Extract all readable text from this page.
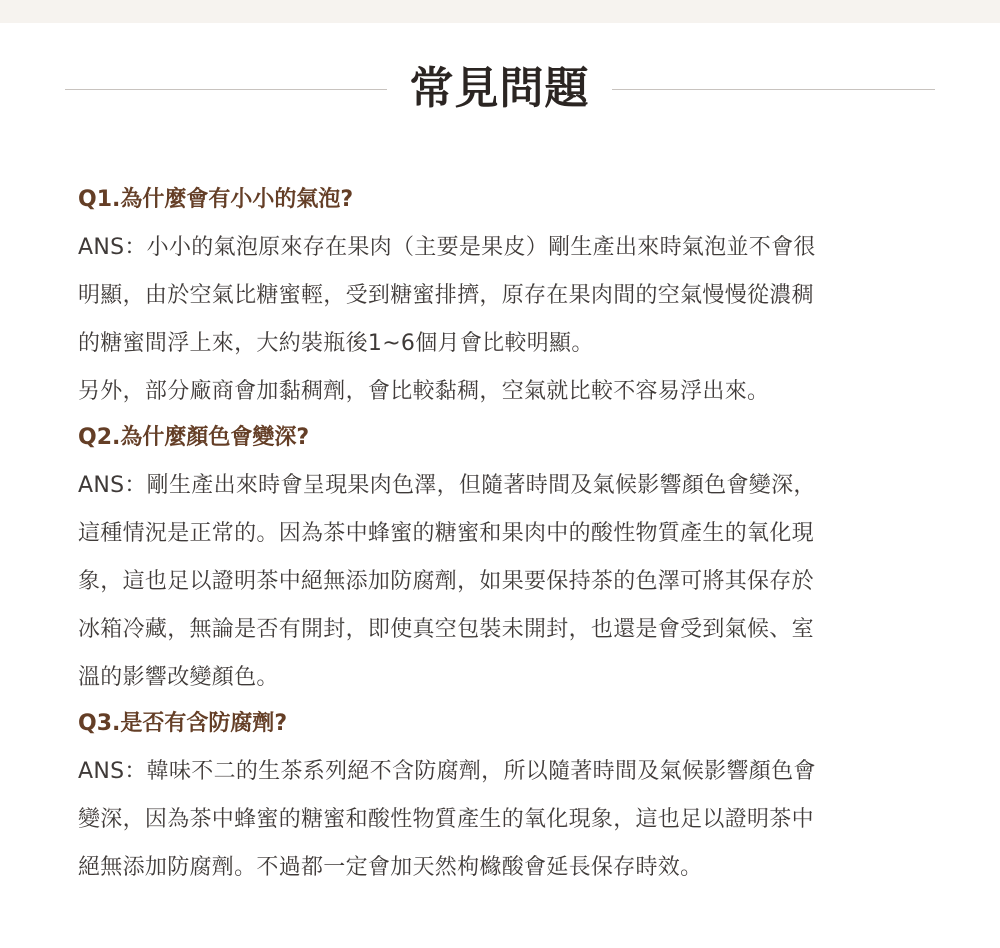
常見問題
Q1.為什麼會有小小的氣泡?
ANS：小小的氣泡原來存在果肉（主要是果皮）剛生產出來時氣泡並不會很
明顯，由於空氣比糖蜜輕，受到糖蜜排擠，原存在果肉間的空氣慢慢從濃稠
的糖蜜間浮上來，大約裝瓶後1~6個月會比較明顯。
另外，部分廠商會加黏稠劑，會比較黏稠，空氣就比較不容易浮出來。
Q2.為什麼顏色會變深?
ANS：剛生產出來時會呈現果肉色澤，但隨著時間及氣候影響顏色會變深，
這種情況是正常的。因為茶中蜂蜜的糖蜜和果肉中的酸性物質產生的氧化現
象，這也足以證明茶中絕無添加防腐劑，如果要保持茶的色澤可將其保存於
冰箱冷藏，無論是否有開封，即使真空包裝未開封，也還是會受到氣候、室
溫的影響改變顏色。
Q3.是否有含防腐劑?
ANS：韓味不二的生茶系列絕不含防腐劑，所以隨著時間及氣候影響顏色會
變深，因為茶中蜂蜜的糖蜜和酸性物質產生的氧化現象，這也足以證明茶中
絕無添加防腐劑。不過都一定會加天然枸櫞酸會延長保存時效。
